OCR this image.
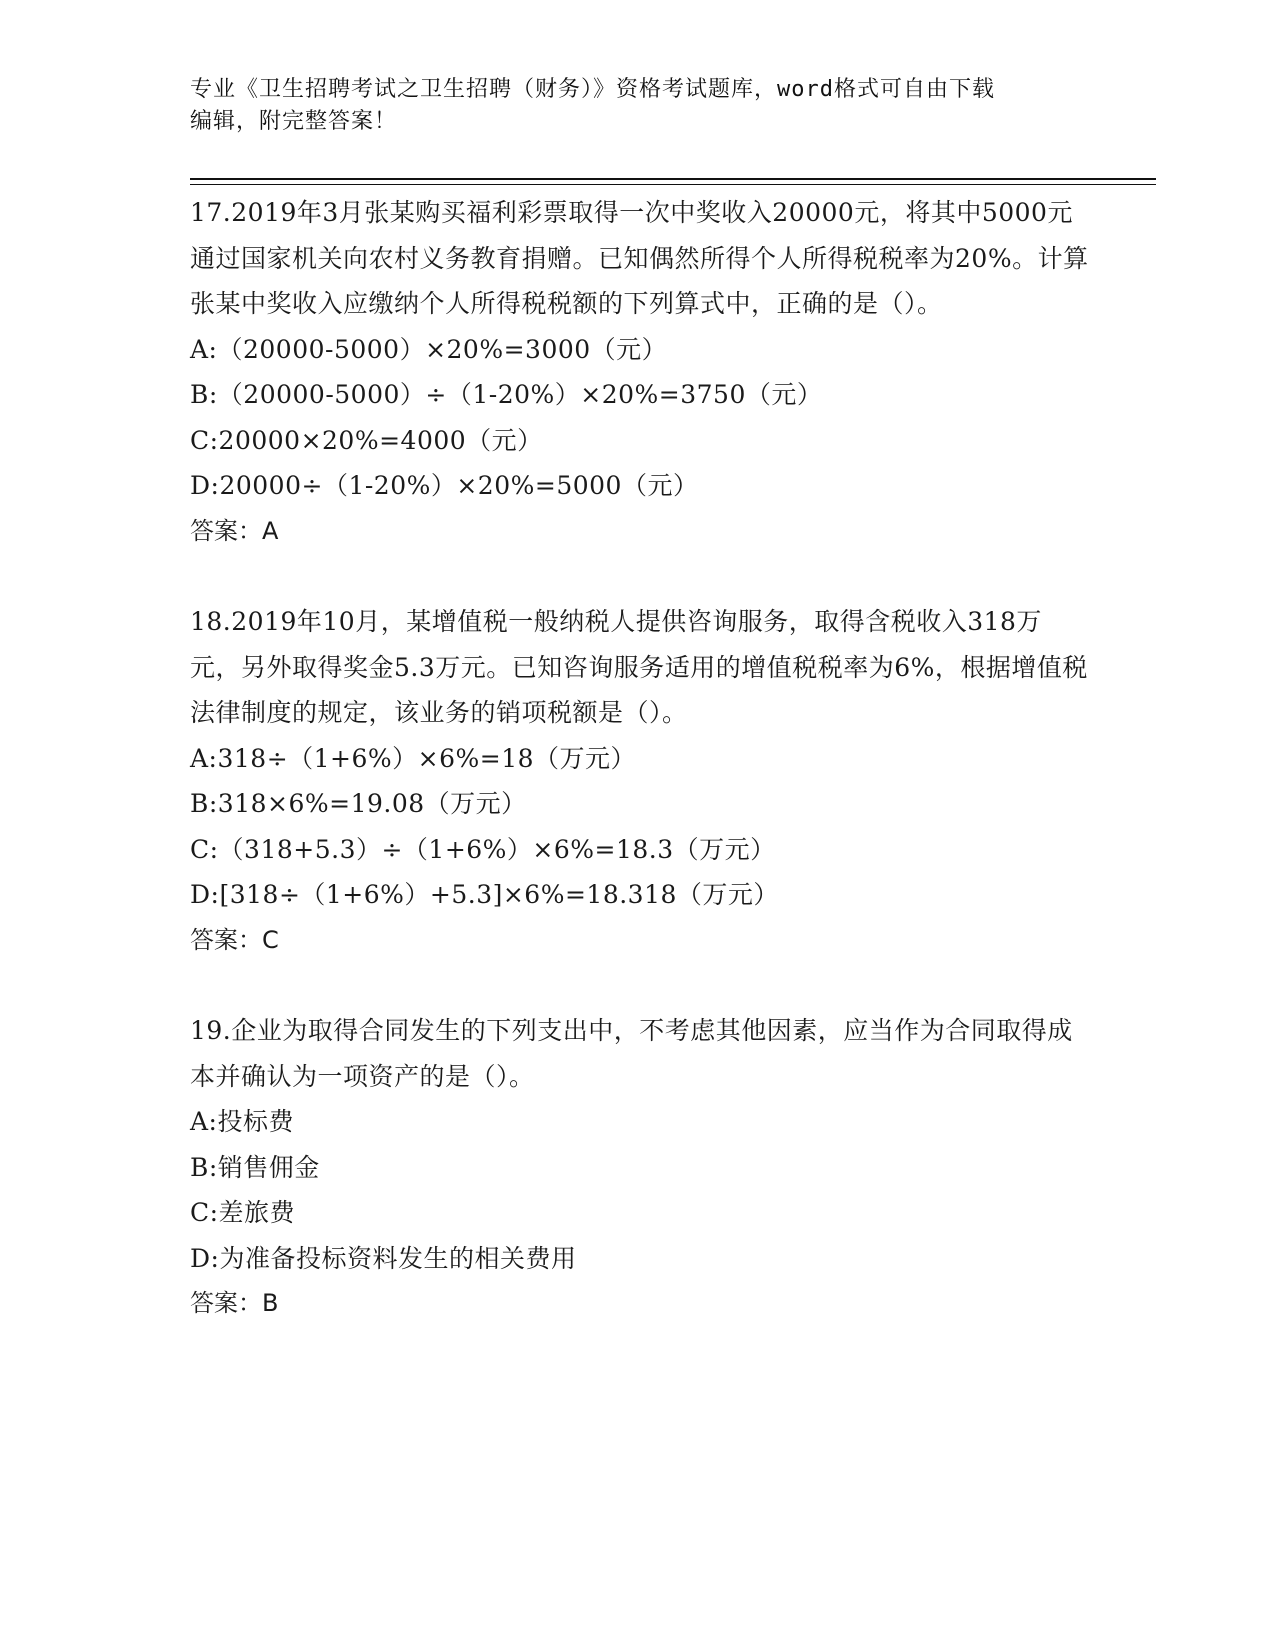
专业《卫生招聘考试之卫生招聘（财务）》资格考试题库，word格式可自由下载
编辑，附完整答案！
17.2019年3月张某购买福利彩票取得一次中奖收入20000元，将其中5000元通过国家机关向农村义务教育捐赠。已知偶然所得个人所得税税率为20%。计算张某中奖收入应缴纳个人所得税税额的下列算式中，正确的是（）。
A:（20000-5000）×20%=3000（元）
B:（20000-5000）÷（1-20%）×20%=3750（元）
C:20000×20%=4000（元）
D:20000÷（1-20%）×20%=5000（元）
答案：A
18.2019年10月，某增值税一般纳税人提供咨询服务，取得含税收入318万元，另外取得奖金5.3万元。已知咨询服务适用的增值税税率为6%，根据增值税法律制度的规定，该业务的销项税额是（）。
A:318÷（1+6%）×6%=18（万元）
B:318×6%=19.08（万元）
C:（318+5.3）÷（1+6%）×6%=18.3（万元）
D:[318÷（1+6%）+5.3]×6%=18.318（万元）
答案：C
19.企业为取得合同发生的下列支出中，不考虑其他因素，应当作为合同取得成本并确认为一项资产的是（）。
A:投标费
B:销售佣金
C:差旅费
D:为准备投标资料发生的相关费用
答案：B
